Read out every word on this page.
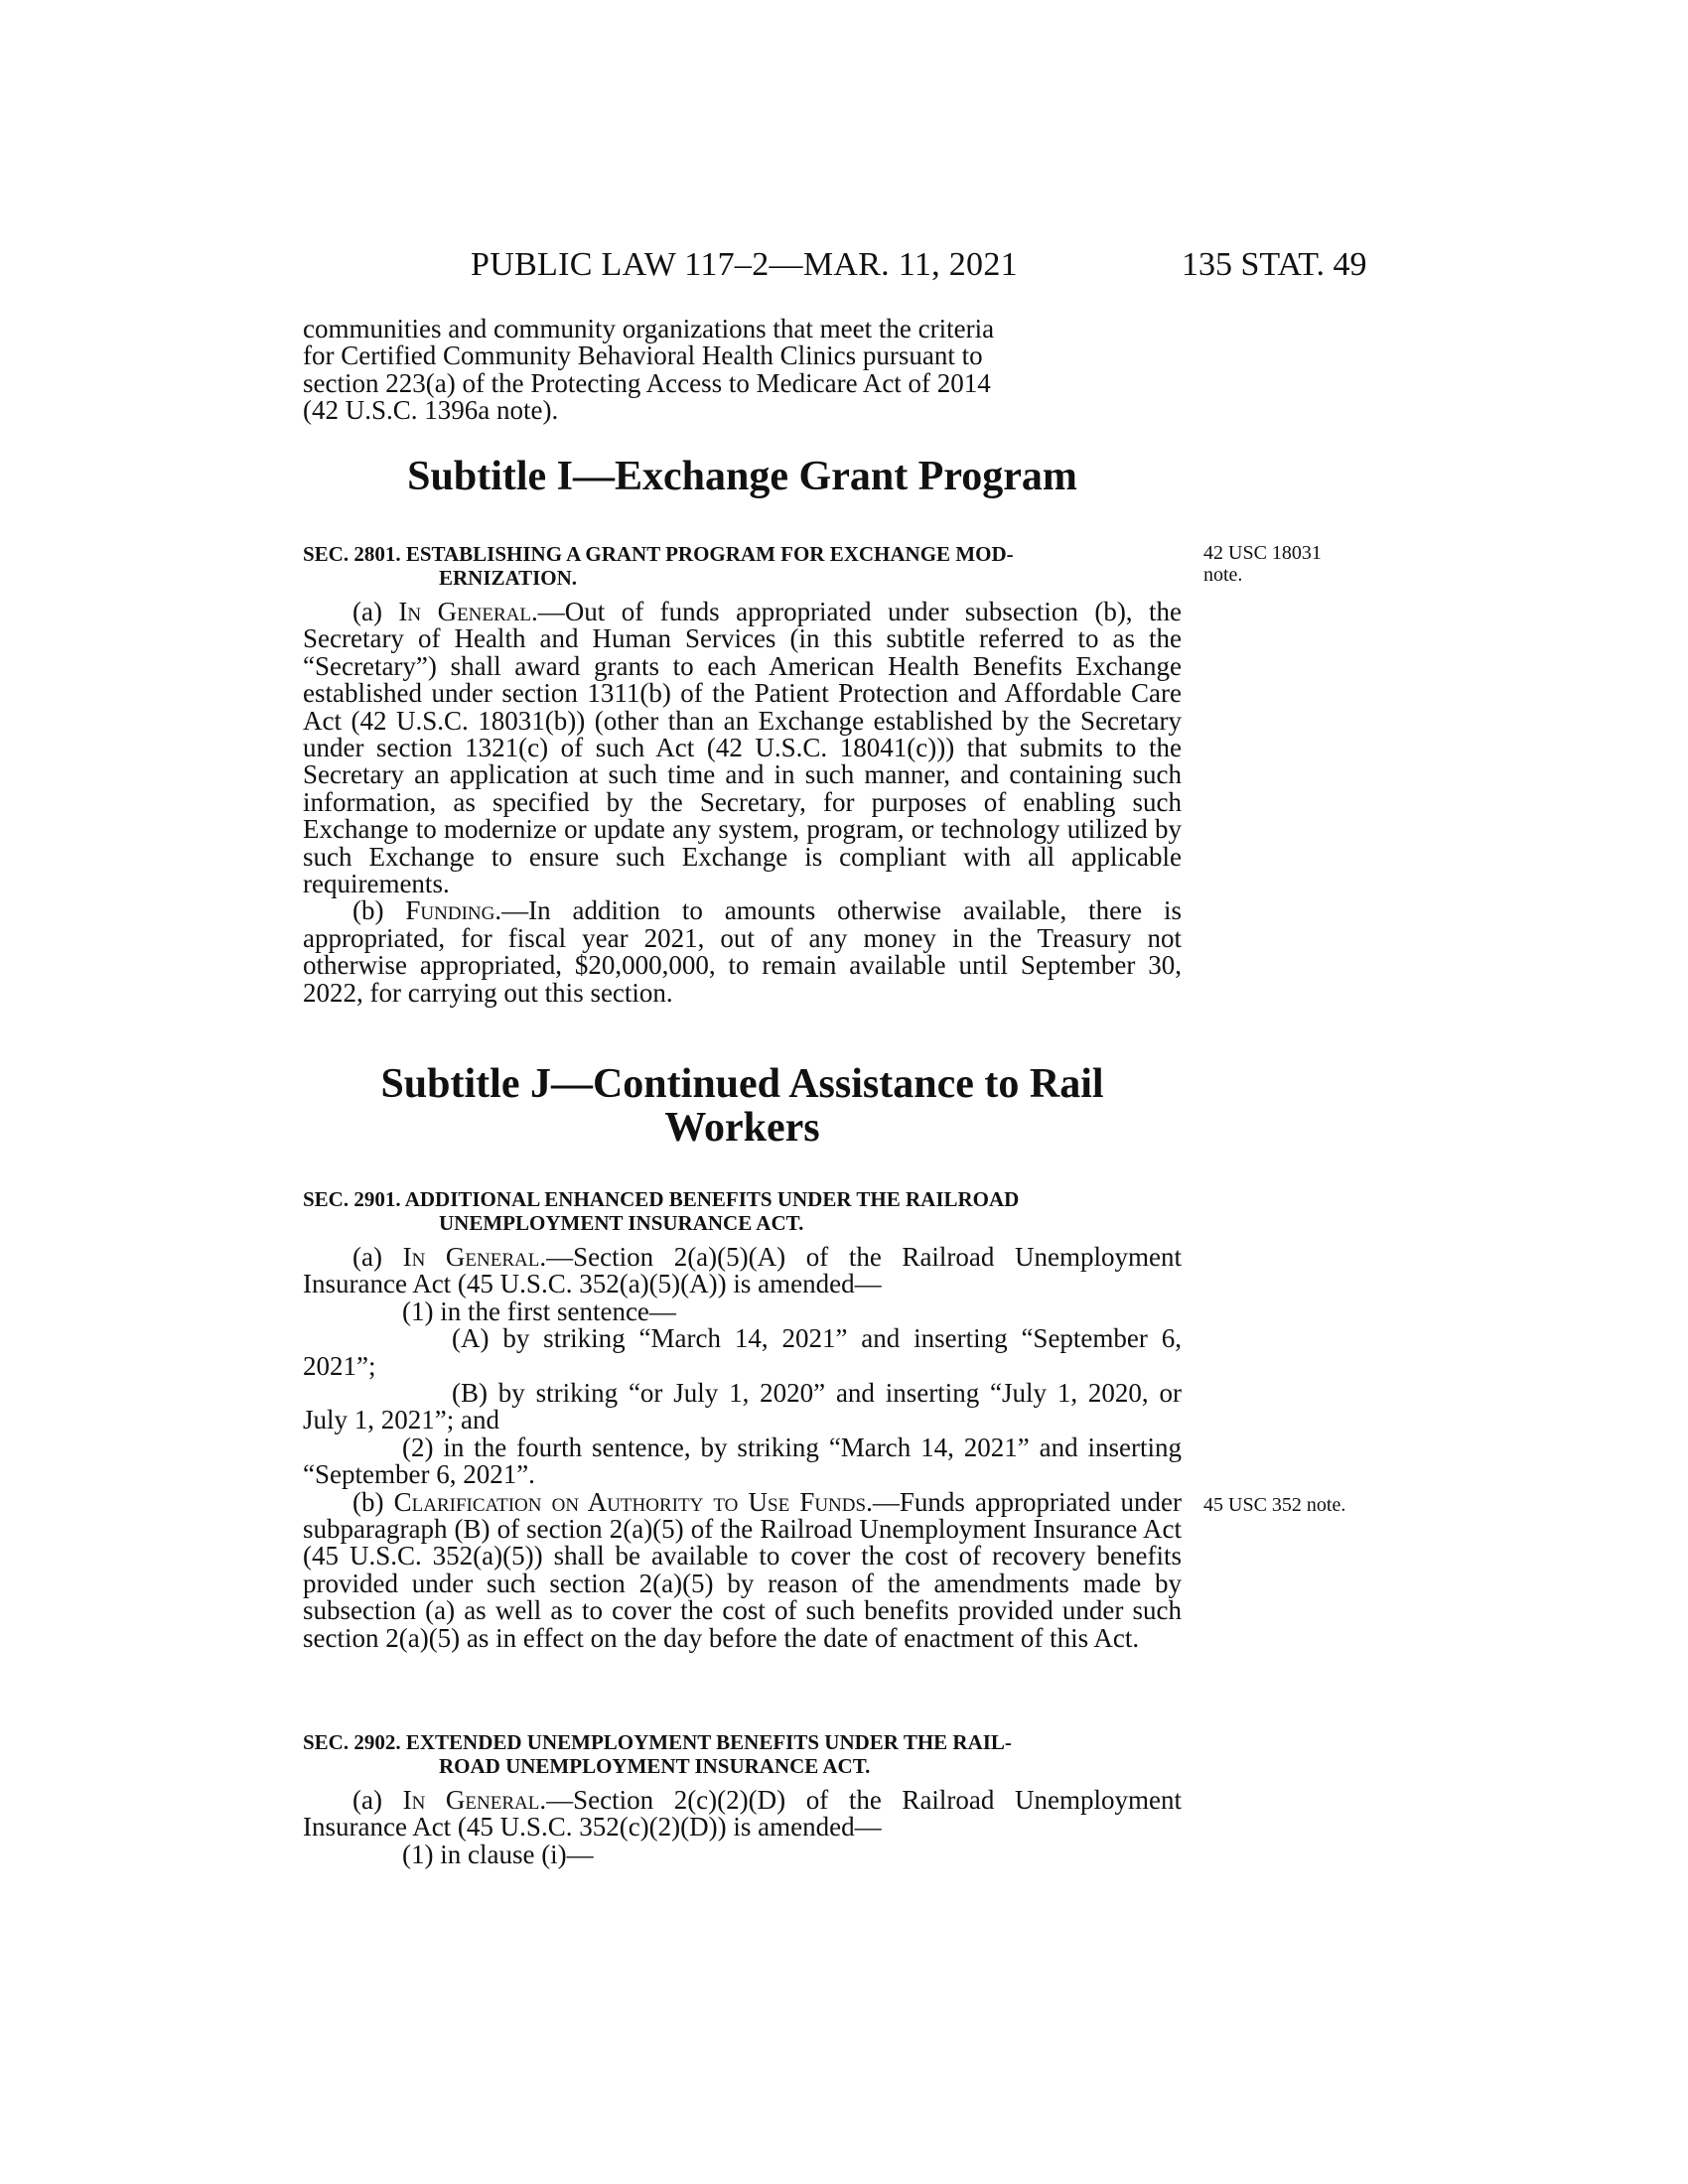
PUBLIC LAW 117–2—MAR. 11, 2021	135 STAT. 49

communities and community organizations that meet the criteria

for Certified Community Behavioral Health Clinics pursuant to

section 223(a) of the Protecting Access to Medicare Act of 2014

(42 U.S.C. 1396a note).

Subtitle I—Exchange Grant Program
SEC. 2801. ESTABLISHING A GRANT PROGRAM FOR EXCHANGE MOD-
ERNIZATION.
42 USC 18031
note.

(a) In General.—Out of funds appropriated under subsection (b), the Secretary of Health and Human Services (in this subtitle referred to as the “Secretary”) shall award grants to each American Health Benefits Exchange established under section 1311(b) of the Patient Protection and Affordable Care Act (42 U.S.C. 18031(b)) (other than an Exchange established by the Secretary under section 1321(c) of such Act (42 U.S.C. 18041(c))) that submits to the Secretary an application at such time and in such manner, and containing such information, as specified by the Secretary, for purposes of enabling such Exchange to modernize or update any system, program, or technology utilized by such Exchange to ensure such Exchange is compliant with all applicable requirements.

(b) Funding.—In addition to amounts otherwise available, there is appropriated, for fiscal year 2021, out of any money in the Treasury not otherwise appropriated, $20,000,000, to remain available until September 30, 2022, for carrying out this section.

Subtitle J—Continued Assistance to Rail
Workers
SEC. 2901. ADDITIONAL ENHANCED BENEFITS UNDER THE RAILROAD
UNEMPLOYMENT INSURANCE ACT.

(a) In General.—Section 2(a)(5)(A) of the Railroad Unemployment Insurance Act (45 U.S.C. 352(a)(5)(A)) is amended—

(1) in the first sentence—

(A) by striking “March 14, 2021” and inserting “September 6, 2021”;

(B) by striking “or July 1, 2020” and inserting “July 1, 2020, or July 1, 2021”; and

(2) in the fourth sentence, by striking “March 14, 2021” and inserting “September 6, 2021”.

(b) Clarification on Authority to Use Funds.—Funds appropriated under subparagraph (B) of section 2(a)(5) of the Railroad Unemployment Insurance Act (45 U.S.C. 352(a)(5)) shall be available to cover the cost of recovery benefits provided under such section 2(a)(5) by reason of the amendments made by subsection (a) as well as to cover the cost of such benefits provided under such section 2(a)(5) as in effect on the day before the date of enactment of this Act.

45 USC 352 note.
SEC. 2902. EXTENDED UNEMPLOYMENT BENEFITS UNDER THE RAIL-
ROAD UNEMPLOYMENT INSURANCE ACT.

(a) In General.—Section 2(c)(2)(D) of the Railroad Unemployment Insurance Act (45 U.S.C. 352(c)(2)(D)) is amended—

(1) in clause (i)—
